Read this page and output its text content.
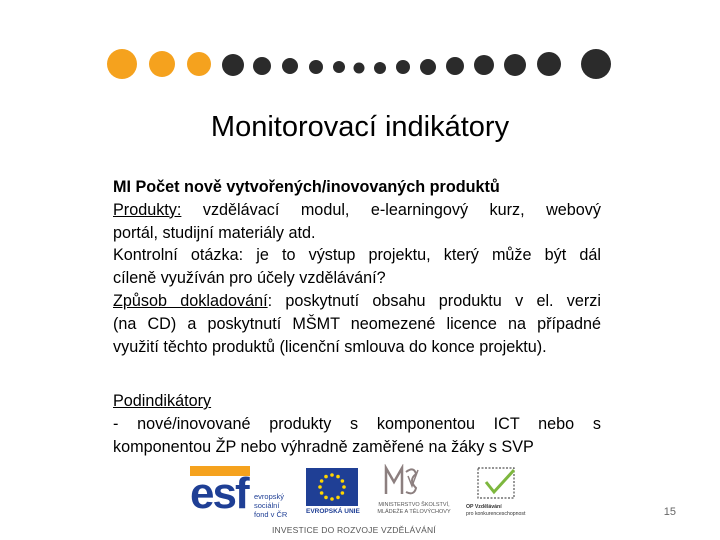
Monitorovací indikátory
MI Počet nově vytvořených/inovovaných produktů
Produkty: vzdělávací modul, e-learningový kurz, webový
portál, studijní materiály atd.
Kontrolní otázka: je to výstup projektu, který může být dál
cíleně využíván pro účely vzdělávání?
Způsob dokladování: poskytnutí obsahu produktu v el. verzi
(na CD) a poskytnutí MŠMT neomezené licence na případné
využití těchto produktů (licenční smlouva do konce projektu).
Podindikátory
- nové/inovované produkty s komponentou ICT nebo s
komponentou ŽP nebo výhradně zaměřené na žáky s SVP
esf evropský
sociální
fond v ČR	EVROPSKÁ UNIE
MINISTERSTVO ŠKOLSTVÍ,
MLÁDEŽE A TĚLOVÝCHOVY
OP Vzdělávání
pro konkurenceschopnost
INVESTICE DO ROZVOJE VZDĚLÁVÁNÍ
15
